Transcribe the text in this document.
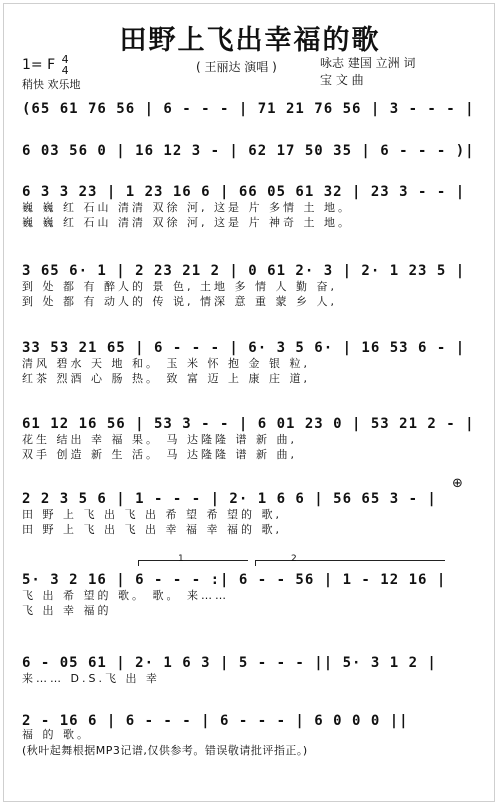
田野上飞出幸福的歌
1= F 4
4
稍快 欢乐地
( 王丽达 演唱 )	咏志 建国 立洲 词
宝 文 曲
(65 61 76 56 | 6 - - - | 71 21 76 56 | 3 - - - |
6 03 56 0 | 16 12 3 - | 62 17 50 35 | 6 - - - )|
6 3 3 23 | 1 23 16 6 | 66 05 61 32 | 23 3 - - |
巍 巍 红 石山 清清 双徐 河, 这是 片 多情 土 地。
巍 巍 红 石山 清清 双徐 河, 这是 片 神奇 土 地。
3 65 6· 1 | 2 23 21 2 | 0 61 2· 3 | 2· 1 23 5 |
到 处 都 有 醉人的 景 色, 土地 多 情 人 勤 奋,
到 处 都 有 动人的 传 说, 情深 意 重 蒙 乡 人,
33 53 21 65 | 6 - - - | 6· 3 5 6· | 16 53 6 - |
清风 碧水 天 地 和。 玉 米 怀 抱 金 银 粒,
红茶 烈酒 心 肠 热。 致 富 迈 上 康 庄 道,
61 12 16 56 | 53 3 - - | 6 01 23 0 | 53 21 2 - |
花生 结出 幸 福 果。 马 达隆隆 谱 新 曲,
双手 创造 新 生 活。 马 达隆隆 谱 新 曲,
⊕
2 2 3 5 6 | 1 - - - | 2· 1 6 6 | 56 65 3 - |
田 野 上 飞 出 飞 出 希 望 希 望的 歌,
田 野 上 飞 出 飞 出 幸 福 幸 福的 歌,
1	2
5· 3 2 16 | 6 - - - :| 6 - - 56 | 1 - 12 16 |
飞 出 希 望的 歌。 歌。 来……
飞 出 幸 福的
6 - 05 61 | 2· 1 6 3 | 5 - - - || 5· 3 1 2 |
来…… D.S.飞 出 幸
2 - 16 6 | 6 - - - | 6 - - - | 6 0 0 0 ||
福 的 歌。
(秋叶起舞根据MP3记谱,仅供参考。错误敬请批评指正。)
